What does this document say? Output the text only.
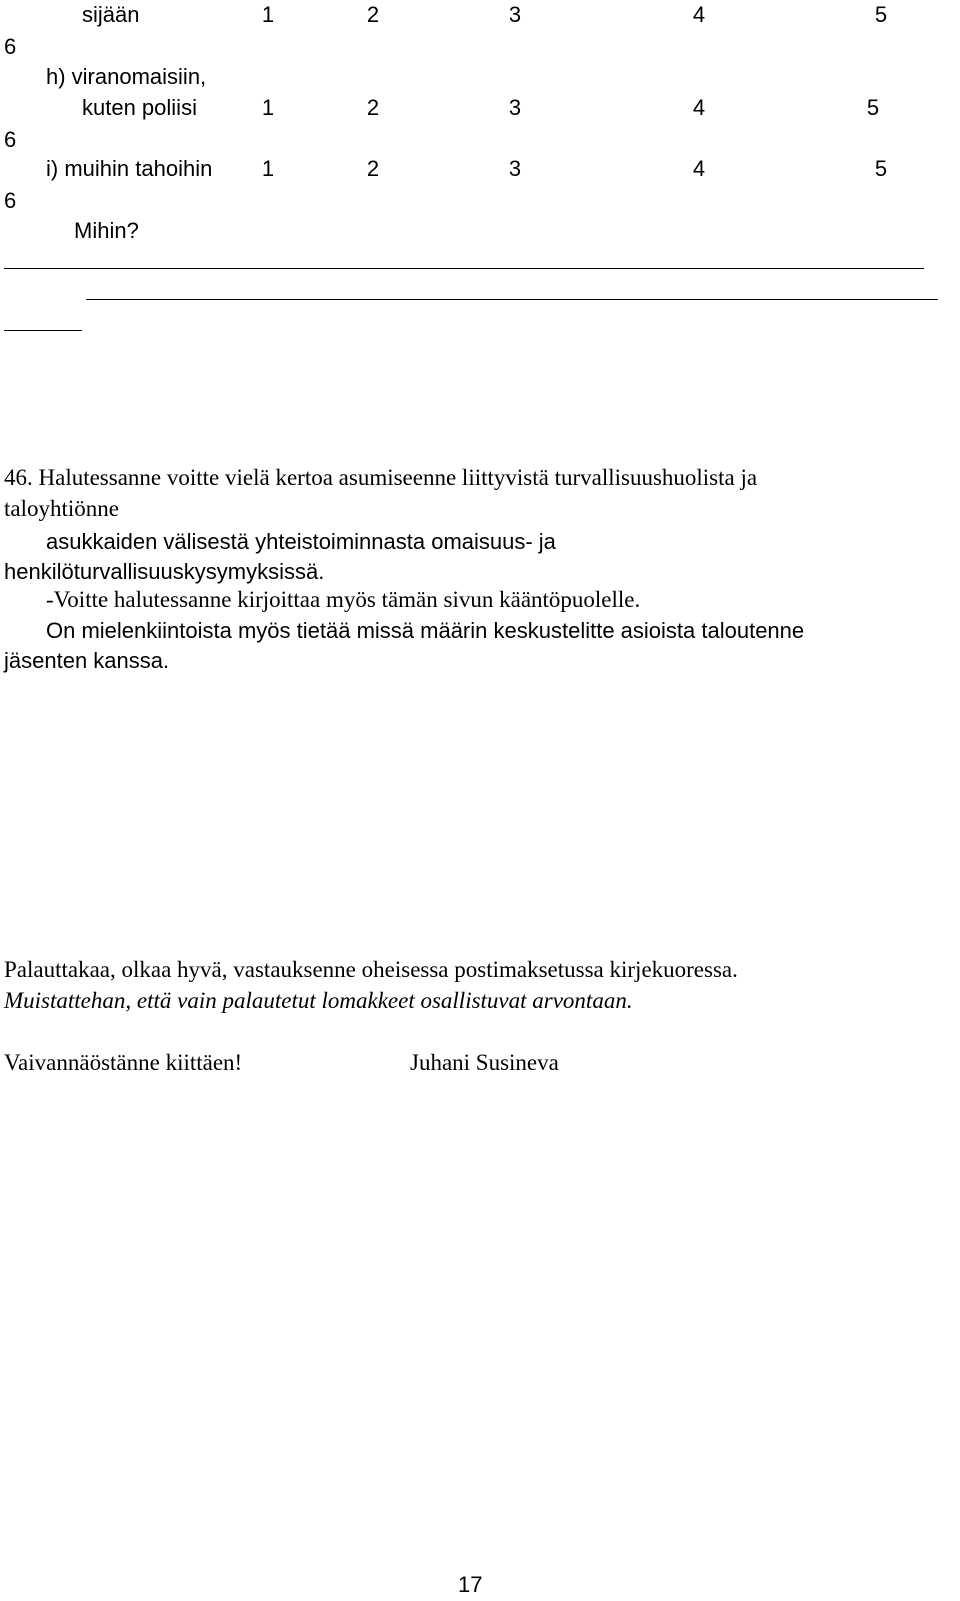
sijään	1	2	3	4	5
6
h) viranomaisiin,
kuten poliisi	1	2	3	4	5
6
i) muihin tahoihin	1	2	3	4	5
6
Mihin?
46. Halutessanne voitte vielä kertoa asumiseenne liittyvistä turvallisuushuolista ja
taloyhtiönne
asukkaiden välisestä yhteistoiminnasta omaisuus- ja
henkilöturvallisuuskysymyksissä.
-Voitte halutessanne kirjoittaa myös tämän sivun kääntöpuolelle.
On mielenkiintoista myös tietää missä määrin keskustelitte asioista taloutenne
jäsenten kanssa.
Palauttakaa, olkaa hyvä, vastauksenne oheisessa postimaksetussa kirjekuoressa.
Muistattehan, että vain palautetut lomakkeet osallistuvat arvontaan.
Vaivannäöstänne kiittäen!	Juhani Susineva
17
